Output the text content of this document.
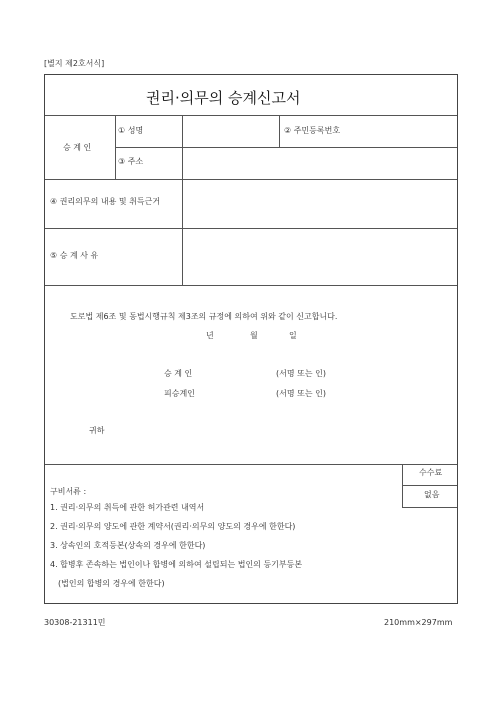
[별지 제2호서식]
권리·의무의 승계신고서
승 계 인
① 성명	② 주민등록번호
③ 주소
④ 권리의무의 내용 및 취득근거
⑤ 승 계 사 유
도로법 제6조 및 동법시행규칙 제3조의 규정에 의하여 위와 같이 신고합니다.
년	월	일
승 계 인	(서명 또는 인)
피승계인	(서명 또는 인)
귀하
수수료
없음
구비서류 :
1. 권리·의무의 취득에 관한 허가관련 내역서
2. 권리·의무의 양도에 관한 계약서(권리·의무의 양도의 경우에 한한다)
3. 상속인의 호적등본(상속의 경우에 한한다)
4. 합병후 존속하는 법인이나 합병에 의하여 설립되는 법인의 등기부등본
(법인의 합병의 경우에 한한다)
30308-21311민	210mm×297mm
